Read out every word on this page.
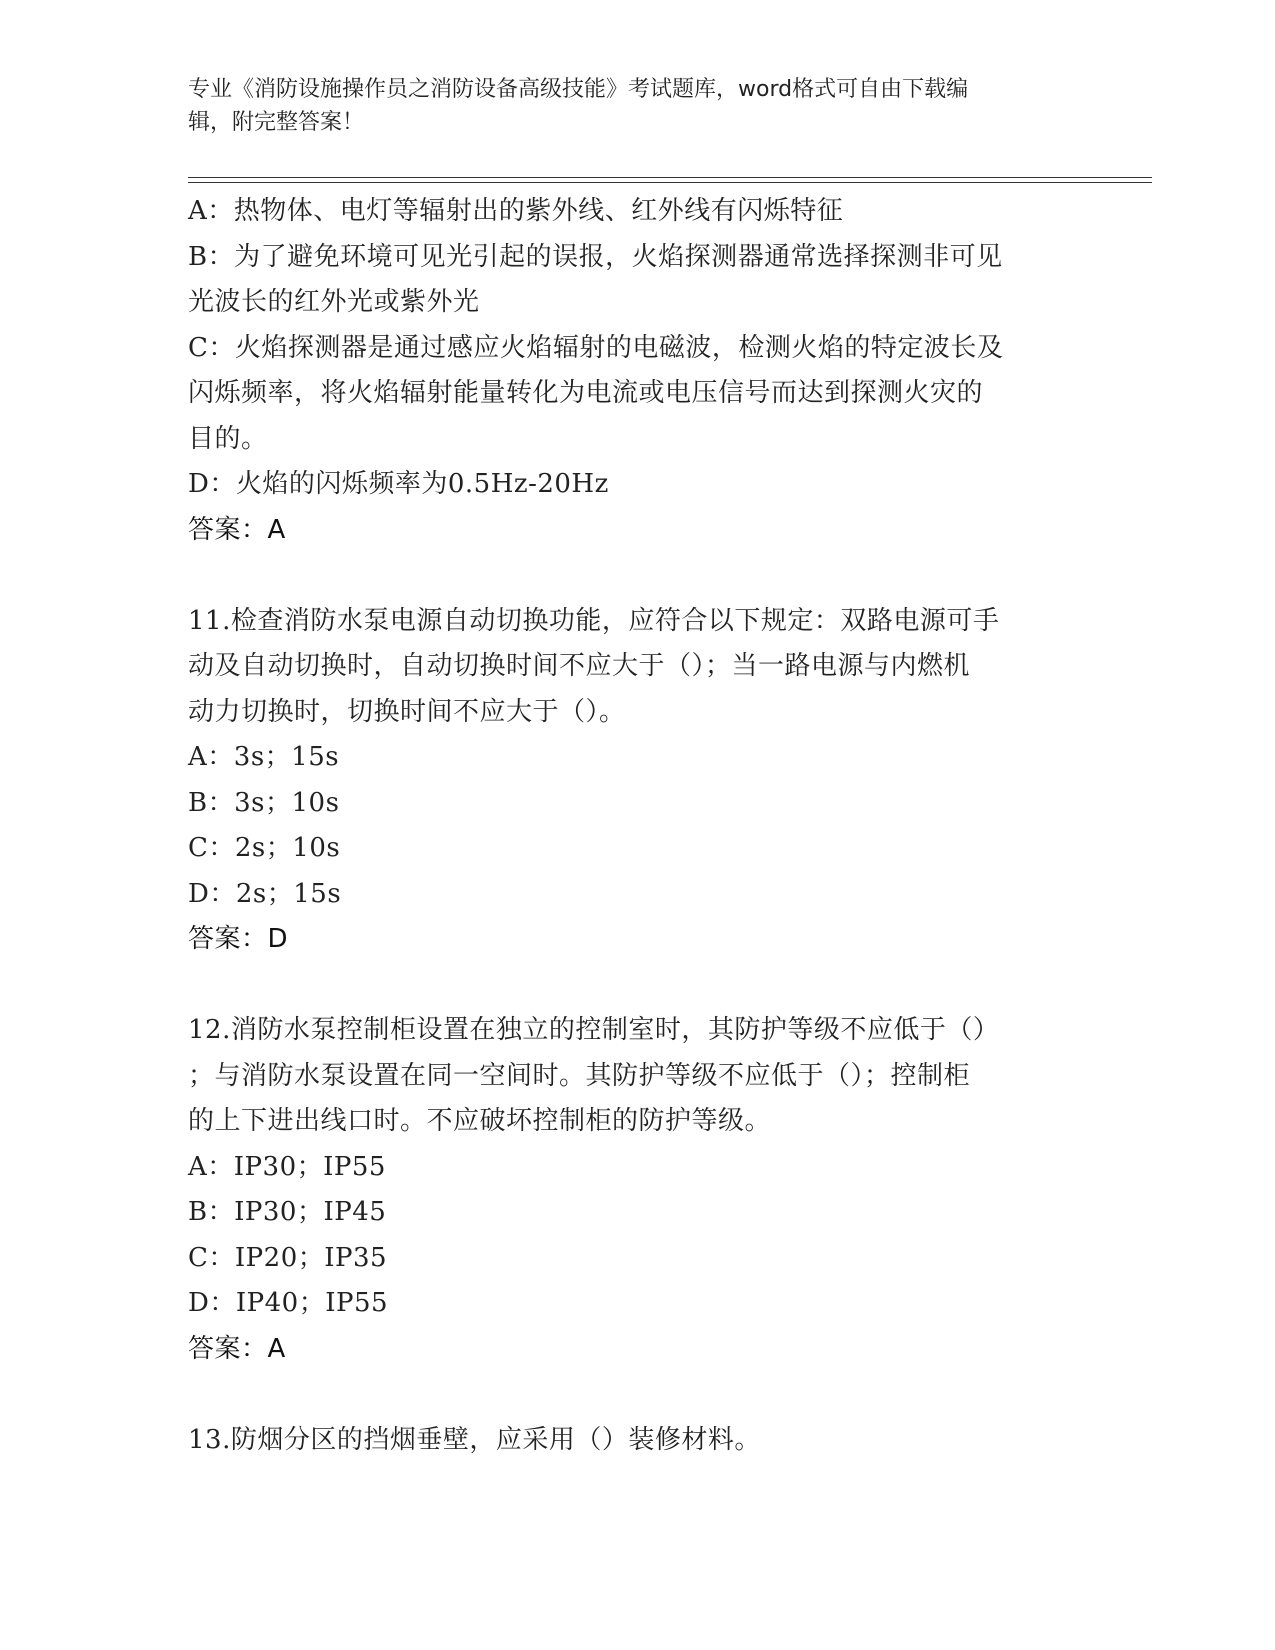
专业《消防设施操作员之消防设备高级技能》考试题库，word格式可自由下载编
辑，附完整答案！
A：热物体、电灯等辐射出的紫外线、红外线有闪烁特征
B：为了避免环境可见光引起的误报，火焰探测器通常选择探测非可见
光波长的红外光或紫外光
C：火焰探测器是通过感应火焰辐射的电磁波，检测火焰的特定波长及
闪烁频率，将火焰辐射能量转化为电流或电压信号而达到探测火灾的
目的。
D：火焰的闪烁频率为0.5Hz-20Hz
答案：A
11.检查消防水泵电源自动切换功能，应符合以下规定：双路电源可手
动及自动切换时，自动切换时间不应大于（）；当一路电源与内燃机
动力切换时，切换时间不应大于（）。
A：3s；15s
B：3s；10s
C：2s；10s
D：2s；15s
答案：D
12.消防水泵控制柜设置在独立的控制室时，其防护等级不应低于（）
；与消防水泵设置在同一空间时。其防护等级不应低于（）；控制柜
的上下进出线口时。不应破坏控制柜的防护等级。
A：IP30；IP55
B：IP30；IP45
C：IP20；IP35
D：IP40；IP55
答案：A
13.防烟分区的挡烟垂壁，应采用（）装修材料。
